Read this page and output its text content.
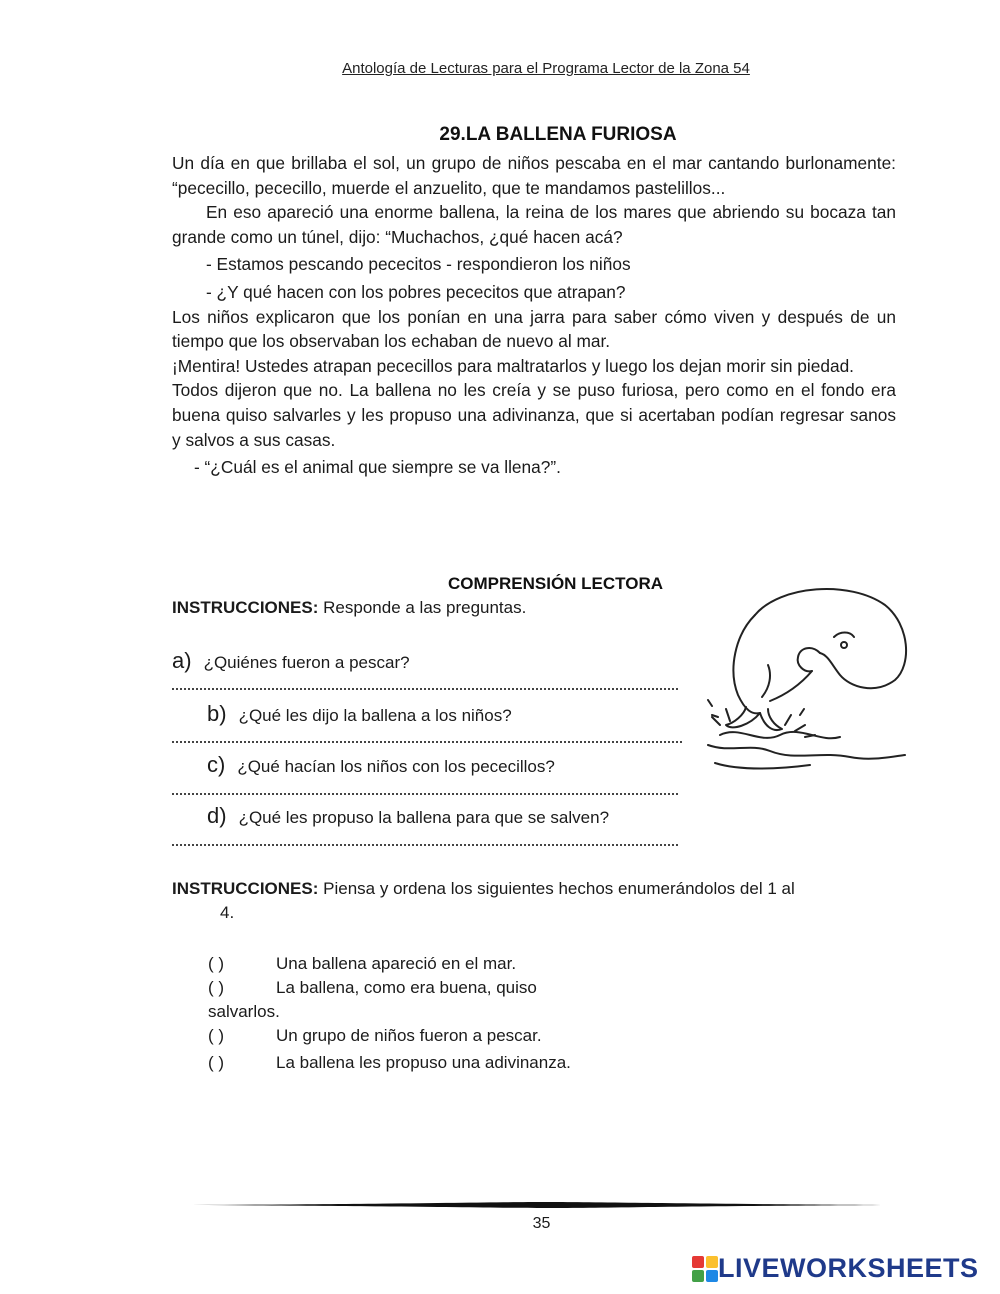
Antología de Lecturas para el Programa Lector de la Zona 54
29.LA BALLENA FURIOSA

Un día en que brillaba el sol, un grupo de niños pescaba en el mar cantando burlonamente: “pececillo, pececillo, muerde el anzuelito, que te mandamos pastelillos...

En eso apareció una enorme ballena, la reina de los mares que abriendo su bocaza tan grande como un túnel, dijo: “Muchachos, ¿qué hacen acá?

- Estamos pescando pececitos - respondieron los niños

- ¿Y qué hacen con los pobres pececitos que atrapan?

Los niños explicaron que los ponían en una jarra para saber cómo viven y después de un tiempo que los observaban los echaban de nuevo al mar.

¡Mentira! Ustedes atrapan pececillos para maltratarlos y luego los dejan morir sin piedad.

Todos dijeron que no. La ballena no les creía y se puso furiosa, pero como en el fondo era buena quiso salvarles y les propuso una adivinanza, que si acertaban podían regresar sanos y salvos a sus casas.

- “¿Cuál es el animal que siempre se va llena?”.

COMPRENSIÓN LECTORA
INSTRUCCIONES: Responde a las preguntas.
a) ¿Quiénes fueron a pescar?
b) ¿Qué les dijo la ballena a los niños?
c) ¿Qué hacían los niños con los pececillos?
d) ¿Qué les propuso la ballena para que se salven?
INSTRUCCIONES: Piensa y ordena los siguientes hechos enumerándolos del 1 al
4.
( )	Una ballena apareció en el mar.
( )	La ballena, como era buena, quiso
salvarlos.
( )	Un grupo de niños fueron a pescar.
( )	La ballena les propuso una adivinanza.
35
LIVEWORKSHEETS
